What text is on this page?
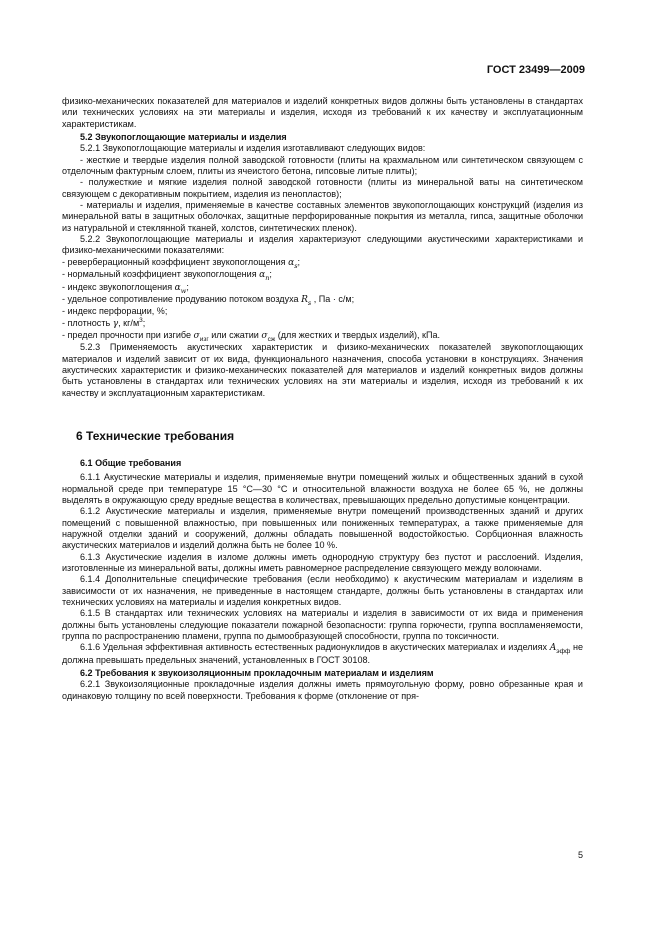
ГОСТ 23499—2009

физико-механических показателей для материалов и изделий конкретных видов должны быть установлены в стандартах или технических условиях на эти материалы и изделия, исходя из требований к их качеству и эксплуатационным характеристикам.

5.2 Звукопоглощающие материалы и изделия

5.2.1 Звукопоглощающие материалы и изделия изготавливают следующих видов:

- жесткие и твердые изделия полной заводской готовности (плиты на крахмальном или синтетическом связующем с отделочным фактурным слоем, плиты из ячеистого бетона, гипсовые литые плиты);

- полужесткие и мягкие изделия полной заводской готовности (плиты из минеральной ваты на синтетическом связующем с декоративным покрытием, изделия из пенопластов);

- материалы и изделия, применяемые в качестве составных элементов звукопоглощающих конструкций (изделия из минеральной ваты в защитных оболочках, защитные перфорированные покрытия из металла, гипса, защитные оболочки из натуральной и стеклянной тканей, холстов, синтетических пленок).

5.2.2 Звукопоглощающие материалы и изделия характеризуют следующими акустическими характеристиками и физико-механическими показателями:

- реверберационный коэффициент звукопоглощения $\alpha_s$;

- нормальный коэффициент звукопоглощения $\alpha_n$;

- индекс звукопоглощения $\alpha_w$;

- удельное сопротивление продуванию потоком воздуха $R_s$ , Па · с/м;

- индекс перфорации, %;

- плотность γ, $кг/м^3$;

- предел прочности при изгибе $\sigma_{изг}$ или сжатии $\sigma_{сж}$ (для жестких и твердых изделий), кПа.

5.2.3 Применяемость акустических характеристик и физико-механических показателей звукопоглощающих материалов и изделий зависит от их вида, функционального назначения, способа установки в конструкциях. Значения акустических характеристик и физико-механических показателей для материалов и изделий конкретных видов должны быть установлены в стандартах или технических условиях на эти материалы и изделия, исходя из требований к их качеству и эксплуатационным характеристикам.

6 Технические требования

6.1 Общие требования

6.1.1 Акустические материалы и изделия, применяемые внутри помещений жилых и общественных зданий в сухой нормальной среде при температуре 15 °С—30 °С и относительной влажности воздуха не более 65 %, не должны выделять в окружающую среду вредные вещества в количествах, превышающих предельно допустимые концентрации.

6.1.2 Акустические материалы и изделия, применяемые внутри помещений производственных зданий и других помещений с повышенной влажностью, при повышенных или пониженных температурах, а также применяемые для наружной отделки зданий и сооружений, должны обладать повышенной водостойкостью. Сорбционная влажность акустических материалов и изделий должна быть не более 10 %.

6.1.3 Акустические изделия в изломе должны иметь однородную структуру без пустот и расслоений. Изделия, изготовленные из минеральной ваты, должны иметь равномерное распределение связующего между волокнами.

6.1.4 Дополнительные специфические требования (если необходимо) к акустическим материалам и изделиям в зависимости от их назначения, не приведенные в настоящем стандарте, должны быть установлены в стандартах или технических условиях на материалы и изделия конкретных видов.

6.1.5 В стандартах или технических условиях на материалы и изделия в зависимости от их вида и применения должны быть установлены следующие показатели пожарной безопасности: группа горючести, группа воспламеняемости, группа по распространению пламени, группа по дымообразующей способности, группа по токсичности.

6.1.6 Удельная эффективная активность естественных радионуклидов в акустических материалах и изделиях $A_{эфф}$ не должна превышать предельных значений, установленных в ГОСТ 30108.

6.2 Требования к звукоизоляционным прокладочным материалам и изделиям

6.2.1 Звукоизоляционные прокладочные изделия должны иметь прямоугольную форму, ровно обрезанные края и одинаковую толщину по всей поверхности. Требования к форме (отклонение от пря-

5
